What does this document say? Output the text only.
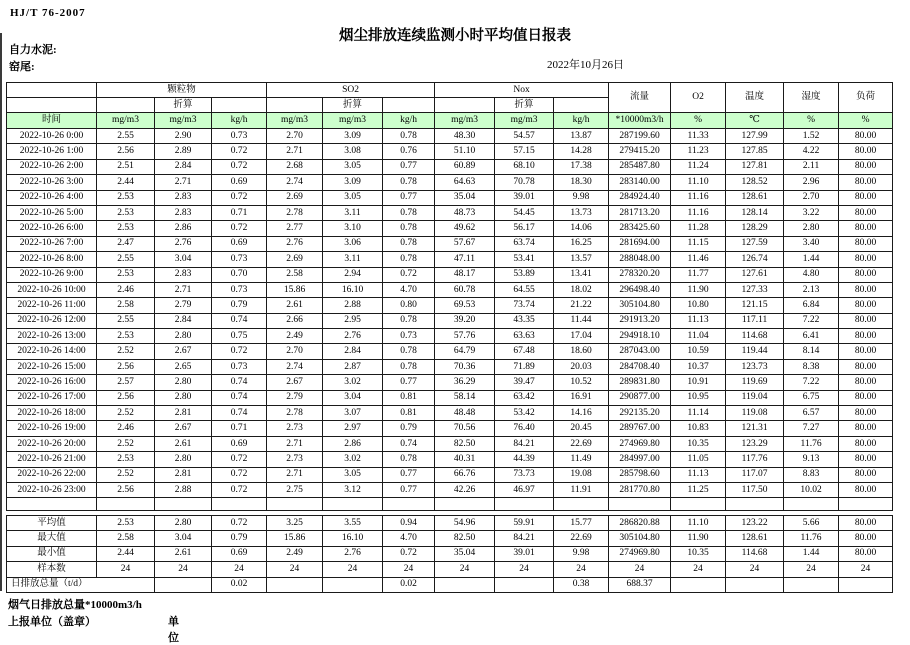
HJ/T 76-2007
烟尘排放连续监测小时平均值日报表
自力水泥:
窑尾:	2022年10月26日
	颗粒物			SO2			Nox			流量	O2	温度	湿度	负荷
		折算			折算			折算						
时间	mg/m3	mg/m3	kg/h	mg/m3	mg/m3	kg/h	mg/m3	mg/m3	kg/h	*10000m3/h	%	℃	%	%
2022-10-26 0:00	2.55	2.90	0.73	2.70	3.09	0.78	48.30	54.57	13.87	287199.60	11.33	127.99	1.52	80.00
2022-10-26 1:00	2.56	2.89	0.72	2.71	3.08	0.76	51.10	57.15	14.28	279415.20	11.23	127.85	4.22	80.00
2022-10-26 2:00	2.51	2.84	0.72	2.68	3.05	0.77	60.89	68.10	17.38	285487.80	11.24	127.81	2.11	80.00
2022-10-26 3:00	2.44	2.71	0.69	2.74	3.09	0.78	64.63	70.78	18.30	283140.00	11.10	128.52	2.96	80.00
2022-10-26 4:00	2.53	2.83	0.72	2.69	3.05	0.77	35.04	39.01	9.98	284924.40	11.16	128.61	2.70	80.00
2022-10-26 5:00	2.53	2.83	0.71	2.78	3.11	0.78	48.73	54.45	13.73	281713.20	11.16	128.14	3.22	80.00
2022-10-26 6:00	2.53	2.86	0.72	2.77	3.10	0.78	49.62	56.17	14.06	283425.60	11.28	128.29	2.80	80.00
2022-10-26 7:00	2.47	2.76	0.69	2.76	3.06	0.78	57.67	63.74	16.25	281694.00	11.15	127.59	3.40	80.00
2022-10-26 8:00	2.55	3.04	0.73	2.69	3.11	0.78	47.11	53.41	13.57	288048.00	11.46	126.74	1.44	80.00
2022-10-26 9:00	2.53	2.83	0.70	2.58	2.94	0.72	48.17	53.89	13.41	278320.20	11.77	127.61	4.80	80.00
2022-10-26 10:00	2.46	2.71	0.73	15.86	16.10	4.70	60.78	64.55	18.02	296498.40	11.90	127.33	2.13	80.00
2022-10-26 11:00	2.58	2.79	0.79	2.61	2.88	0.80	69.53	73.74	21.22	305104.80	10.80	121.15	6.84	80.00
2022-10-26 12:00	2.55	2.84	0.74	2.66	2.95	0.78	39.20	43.35	11.44	291913.20	11.13	117.11	7.22	80.00
2022-10-26 13:00	2.53	2.80	0.75	2.49	2.76	0.73	57.76	63.63	17.04	294918.10	11.04	114.68	6.41	80.00
2022-10-26 14:00	2.52	2.67	0.72	2.70	2.84	0.78	64.79	67.48	18.60	287043.00	10.59	119.44	8.14	80.00
2022-10-26 15:00	2.56	2.65	0.73	2.74	2.87	0.78	70.36	71.89	20.03	284708.40	10.37	123.73	8.38	80.00
2022-10-26 16:00	2.57	2.80	0.74	2.67	3.02	0.77	36.29	39.47	10.52	289831.80	10.91	119.69	7.22	80.00
2022-10-26 17:00	2.56	2.80	0.74	2.79	3.04	0.81	58.14	63.42	16.91	290877.00	10.95	119.04	6.75	80.00
2022-10-26 18:00	2.52	2.81	0.74	2.78	3.07	0.81	48.48	53.42	14.16	292135.20	11.14	119.08	6.57	80.00
2022-10-26 19:00	2.46	2.67	0.71	2.73	2.97	0.79	70.56	76.40	20.45	289767.00	10.83	121.31	7.27	80.00
2022-10-26 20:00	2.52	2.61	0.69	2.71	2.86	0.74	82.50	84.21	22.69	274969.80	10.35	123.29	11.76	80.00
2022-10-26 21:00	2.53	2.80	0.72	2.73	3.02	0.78	40.31	44.39	11.49	284997.00	11.05	117.76	9.13	80.00
2022-10-26 22:00	2.52	2.81	0.72	2.71	3.05	0.77	66.76	73.73	19.08	285798.60	11.13	117.07	8.83	80.00
2022-10-26 23:00	2.56	2.88	0.72	2.75	3.12	0.77	42.26	46.97	11.91	281770.80	11.25	117.50	10.02	80.00

平均值	2.53	2.80	0.72	3.25	3.55	0.94	54.96	59.91	15.77	286820.88	11.10	123.22	5.66	80.00
最大值	2.58	3.04	0.79	15.86	16.10	4.70	82.50	84.21	22.69	305104.80	11.90	128.61	11.76	80.00
最小值	2.44	2.61	0.69	2.49	2.76	0.72	35.04	39.01	9.98	274969.80	10.35	114.68	1.44	80.00
样本数	24	24	24	24	24	24	24	24	24	24	24	24	24	24
日排放总量（t/d）			0.02			0.02			0.38	688.37				
烟气日排放总量*10000m3/h
上报单位（盖章）	单位
